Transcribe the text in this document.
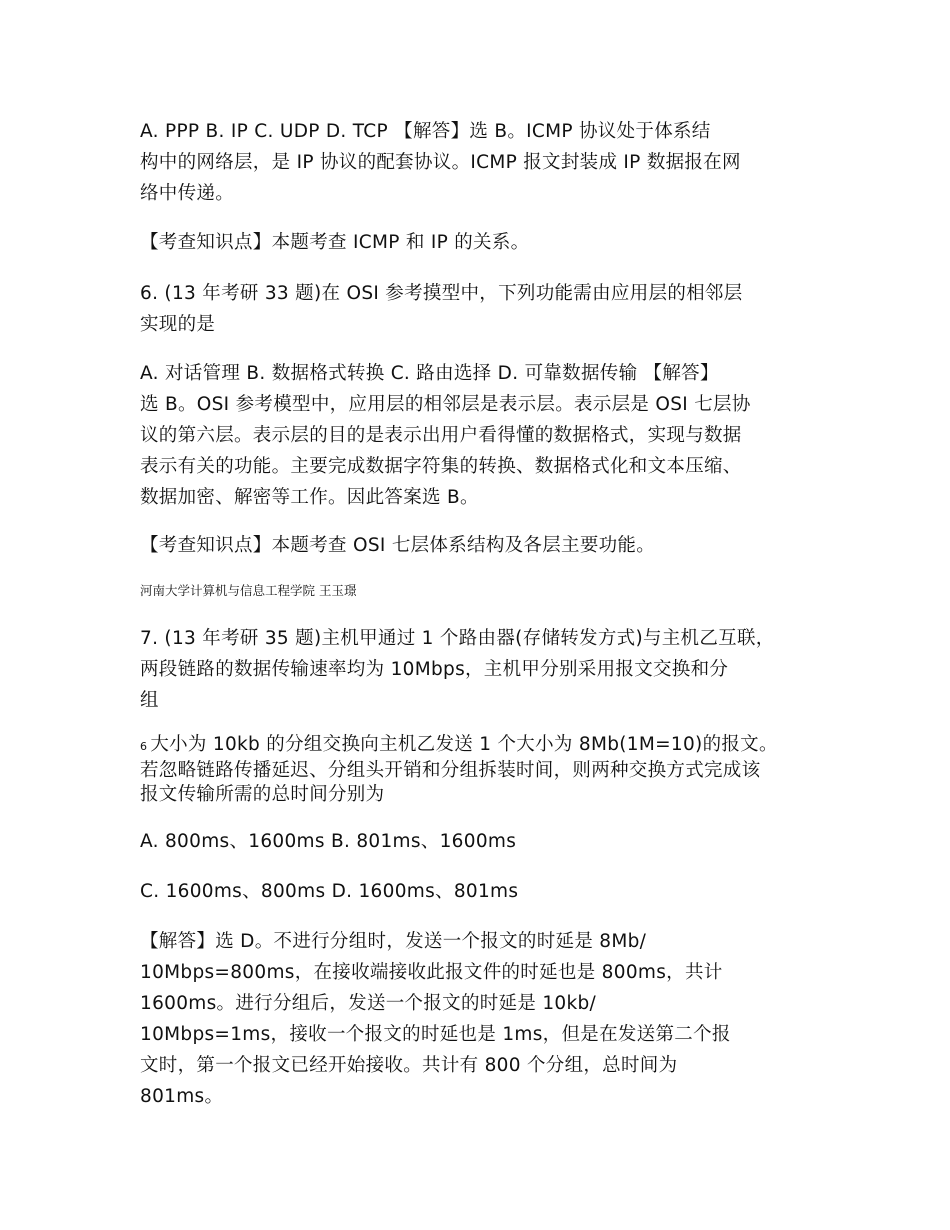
A. PPP B. IP C. UDP D. TCP 【解答】选 B。ICMP 协议处于体系结
构中的网络层，是 IP 协议的配套协议。ICMP 报文封装成 IP 数据报在网
络中传递。
【考查知识点】本题考查 ICMP 和 IP 的关系。
6. (13 年考研 33 题)在 OSI 参考摸型中，下列功能需由应用层的相邻层
实现的是
A. 对话管理 B. 数据格式转换 C. 路由选择 D. 可靠数据传输 【解答】
选 B。OSI 参考模型中，应用层的相邻层是表示层。表示层是 OSI 七层协
议的第六层。表示层的目的是表示出用户看得懂的数据格式，实现与数据
表示有关的功能。主要完成数据字符集的转换、数据格式化和文本压缩、
数据加密、解密等工作。因此答案选 B。
【考查知识点】本题考查 OSI 七层体系结构及各层主要功能。
河南大学计算机与信息工程学院 王玉璟
7. (13 年考研 35 题)主机甲通过 1 个路由器(存储转发方式)与主机乙互联，
两段链路的数据传输速率均为 10Mbps，主机甲分别采用报文交换和分
组
6 大小为 10kb 的分组交换向主机乙发送 1 个大小为 8Mb(1M=10)的报文。
若忽略链路传播延迟、分组头开销和分组拆装时间，则两种交换方式完成该
报文传输所需的总时间分别为
A. 800ms、1600ms B. 801ms、1600ms
C. 1600ms、800ms D. 1600ms、801ms
【解答】选 D。不进行分组时，发送一个报文的时延是 8Mb/
10Mbps=800ms，在接收端接收此报文件的时延也是 800ms，共计
1600ms。进行分组后，发送一个报文的时延是 10kb/
10Mbps=1ms，接收一个报文的时延也是 1ms，但是在发送第二个报
文时，第一个报文已经开始接收。共计有 800 个分组，总时间为
801ms。
